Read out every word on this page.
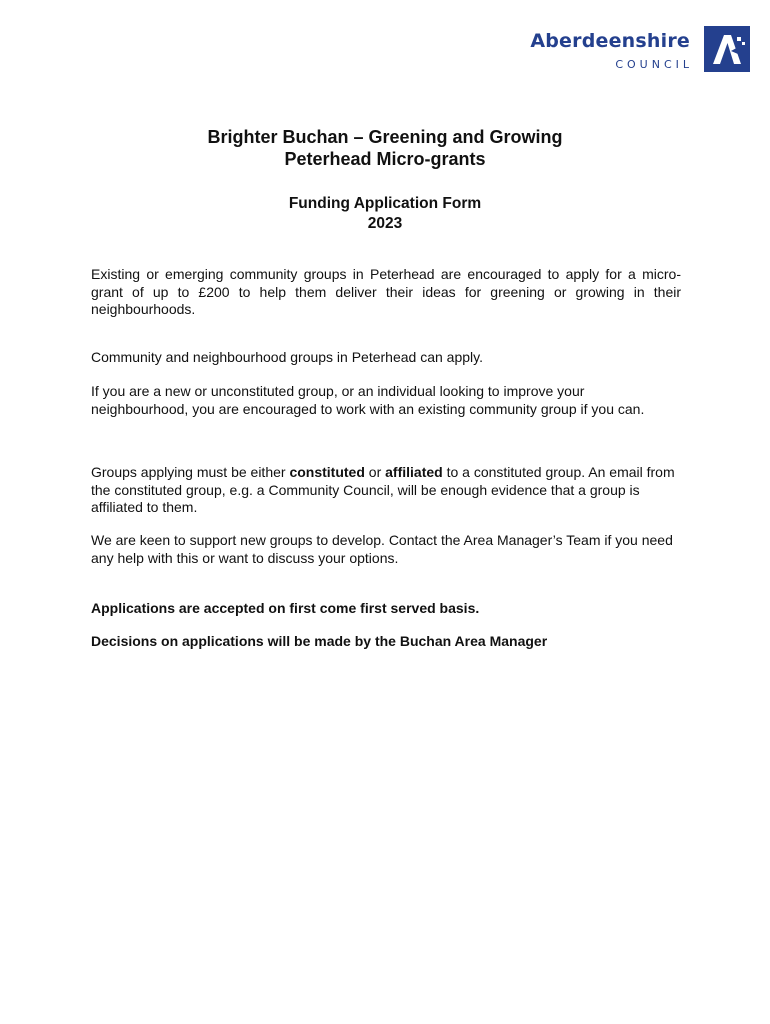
Aberdeenshire
COUNCIL
Brighter Buchan – Greening and Growing
Peterhead Micro-grants
Funding Application Form
2023

Existing or emerging community groups in Peterhead are encouraged to apply for a micro-grant of up to £200 to help them deliver their ideas for greening or growing in their neighbourhoods.

Community and neighbourhood groups in Peterhead can apply.

If you are a new or unconstituted group, or an individual looking to improve your neighbourhood, you are encouraged to work with an existing community group if you can.

Groups applying must be either constituted or affiliated to a constituted group. An email from the constituted group, e.g. a Community Council, will be enough evidence that a group is affiliated to them.

We are keen to support new groups to develop. Contact the Area Manager’s Team if you need any help with this or want to discuss your options.

Applications are accepted on first come first served basis.

Decisions on applications will be made by the Buchan Area Manager
